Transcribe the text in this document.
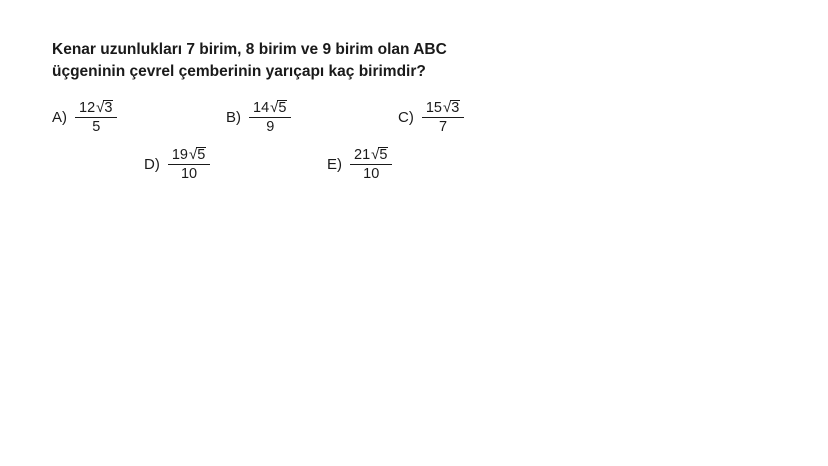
Kenar uzunlukları 7 birim, 8 birim ve 9 birim olan ABC
üçgeninin çevrel çemberinin yarıçapı kaç birimdir?
$A) \frac{12 √ 3}{5}$	$B) \frac{14 √ 5}{9}$	$C) \frac{15 √ 3}{7}$
$D) \frac{19 √ 5}{10}$	$E) \frac{21 √ 5}{10}$
